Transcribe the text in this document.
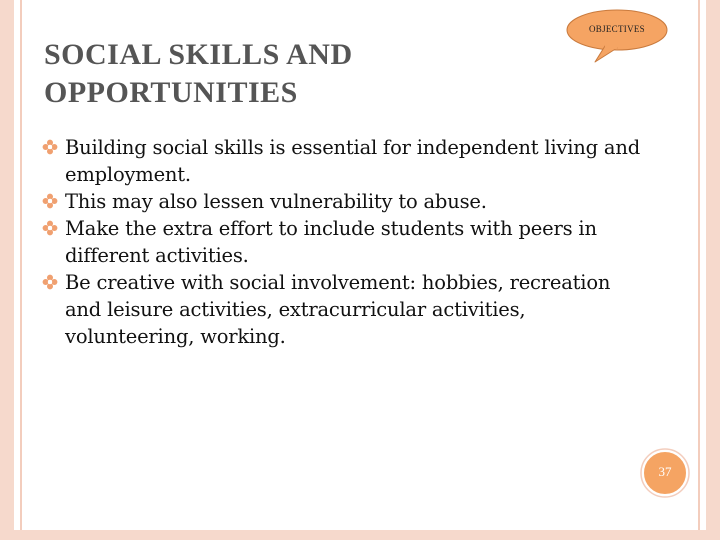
SOCIAL SKILLS AND
OPPORTUNITIES
OBJECTIVES
Building social skills is essential for independent living and employment.
This may also lessen vulnerability to abuse.
Make the extra effort to include students with peers in different activities.
Be creative with social involvement: hobbies, recreation and leisure activities, extracurricular activities, volunteering, working.
37
